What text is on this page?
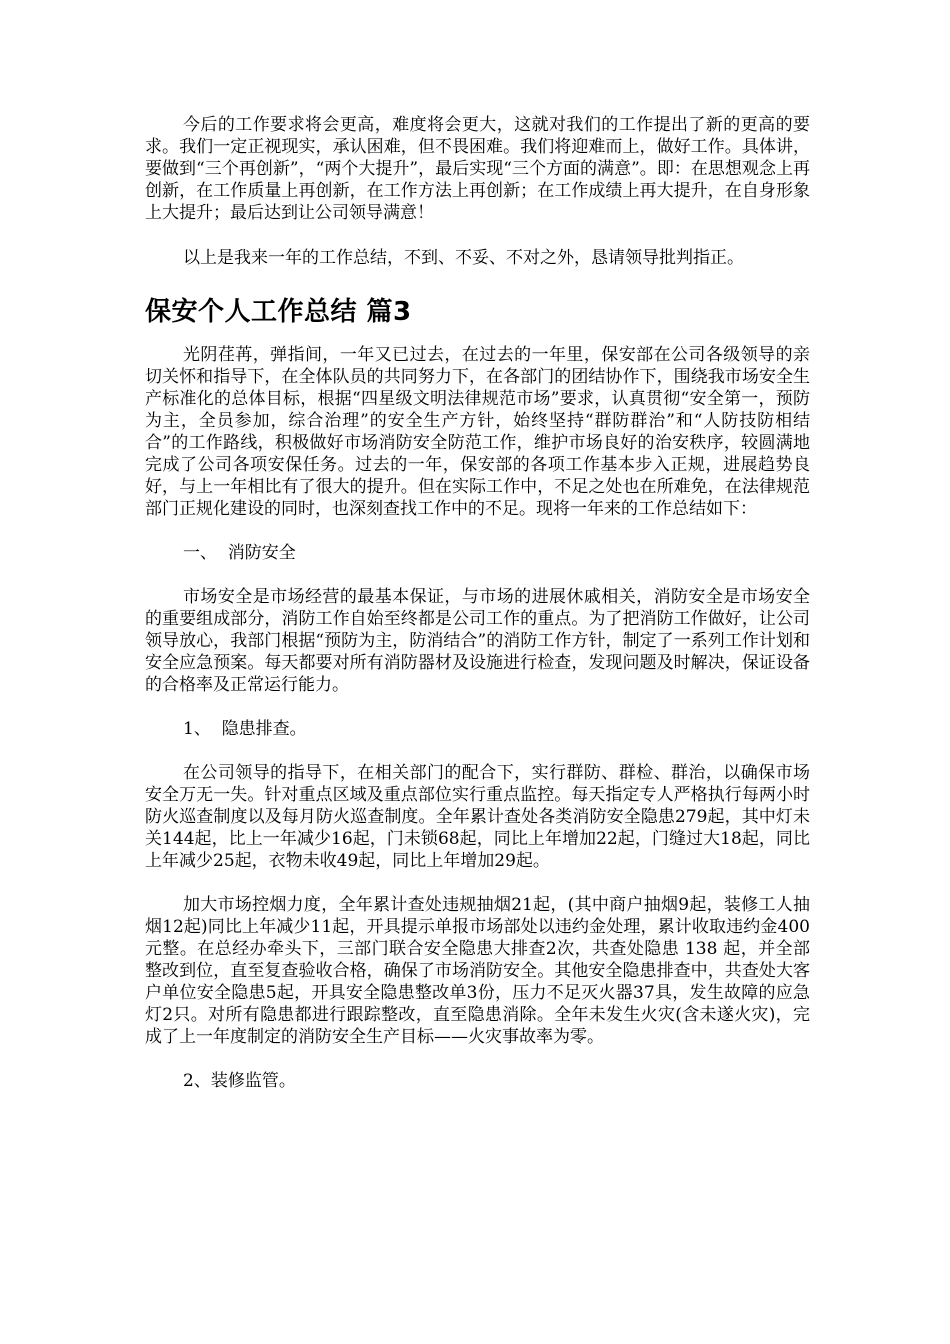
今后的工作要求将会更高，难度将会更大，这就对我们的工作提出了新的更高的要求。我们一定正视现实，承认困难，但不畏困难。我们将迎难而上，做好工作。具体讲，要做到“三个再创新”，“两个大提升”，最后实现“三个方面的满意”。即：在思想观念上再创新，在工作质量上再创新，在工作方法上再创新；在工作成绩上再大提升，在自身形象上大提升；最后达到让公司领导满意！

以上是我来一年的工作总结，不到、不妥、不对之外，恳请领导批判指正。

保安个人工作总结 篇3

光阴荏苒，弹指间，一年又已过去，在过去的一年里，保安部在公司各级领导的亲切关怀和指导下，在全体队员的共同努力下，在各部门的团结协作下，围绕我市场安全生产标准化的总体目标，根据“四星级文明法律规范市场”要求，认真贯彻“安全第一，预防为主，全员参加，综合治理”的安全生产方针，始终坚持“群防群治”和“人防技防相结合”的工作路线，积极做好市场消防安全防范工作，维护市场良好的治安秩序，较圆满地完成了公司各项安保任务。过去的一年，保安部的各项工作基本步入正规，进展趋势良好，与上一年相比有了很大的提升。但在实际工作中，不足之处也在所难免，在法律规范部门正规化建设的同时，也深刻查找工作中的不足。现将一年来的工作总结如下：

一、  消防安全

市场安全是市场经营的最基本保证，与市场的进展休戚相关，消防安全是市场安全的重要组成部分，消防工作自始至终都是公司工作的重点。为了把消防工作做好，让公司领导放心，我部门根据“预防为主，防消结合”的消防工作方针，制定了一系列工作计划和安全应急预案。每天都要对所有消防器材及设施进行检查，发现问题及时解决，保证设备的合格率及正常运行能力。

1、  隐患排查。

在公司领导的指导下，在相关部门的配合下，实行群防、群检、群治，以确保市场安全万无一失。针对重点区域及重点部位实行重点监控。每天指定专人严格执行每两小时防火巡查制度以及每月防火巡查制度。全年累计查处各类消防安全隐患279起，其中灯未关144起，比上一年减少16起，门未锁68起，同比上年增加22起，门缝过大18起，同比上年减少25起，衣物未收49起，同比上年增加29起。

加大市场控烟力度，全年累计查处违规抽烟21起，(其中商户抽烟9起，装修工人抽烟12起)同比上年减少11起，开具提示单报市场部处以违约金处理，累计收取违约金400元整。在总经办牵头下，三部门联合安全隐患大排查2次，共查处隐患 138 起，并全部整改到位，直至复查验收合格，确保了市场消防安全。其他安全隐患排查中，共查处大客户单位安全隐患5起，开具安全隐患整改单3份，压力不足灭火器37具，发生故障的应急灯2只。对所有隐患都进行跟踪整改，直至隐患消除。全年未发生火灾(含未遂火灾)，完成了上一年度制定的消防安全生产目标——火灾事故率为零。

2、装修监管。
